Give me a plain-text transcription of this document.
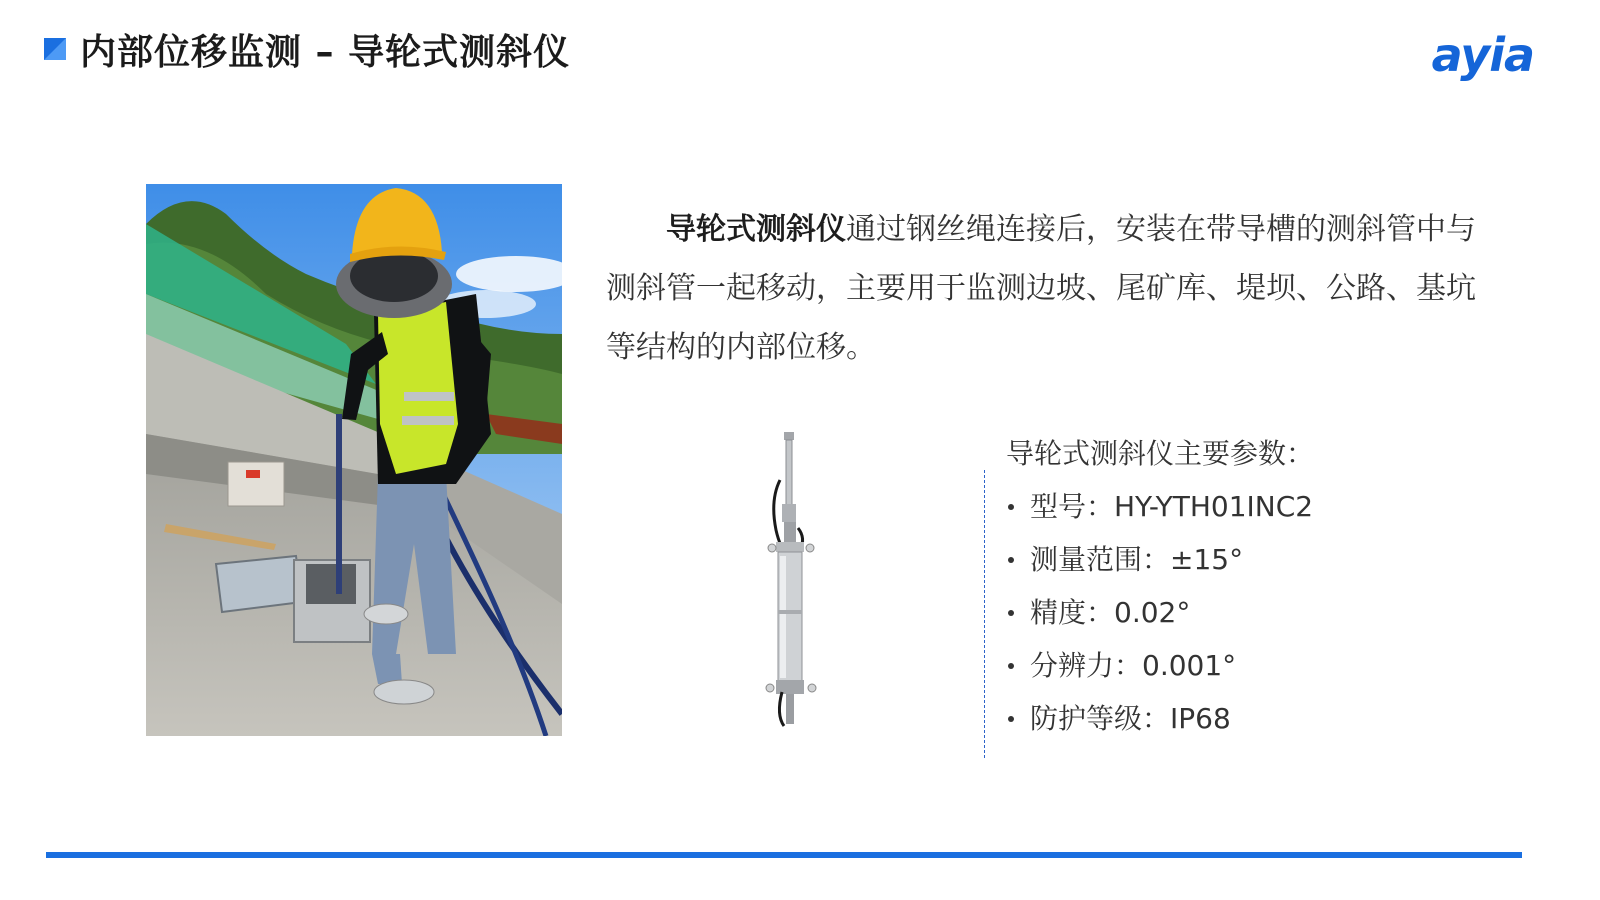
内部位移监测 – 导轮式测斜仪	ayia
导轮式测斜仪通过钢丝绳连接后，安装在带导槽的测斜管中与测斜管一起移动，主要用于监测边坡、尾矿库、堤坝、公路、基坑等结构的内部位移。
导轮式测斜仪主要参数：
型号：HY-YTH01INC2
测量范围：±15°
精度：0.02°
分辨力：0.001°
防护等级：IP68
